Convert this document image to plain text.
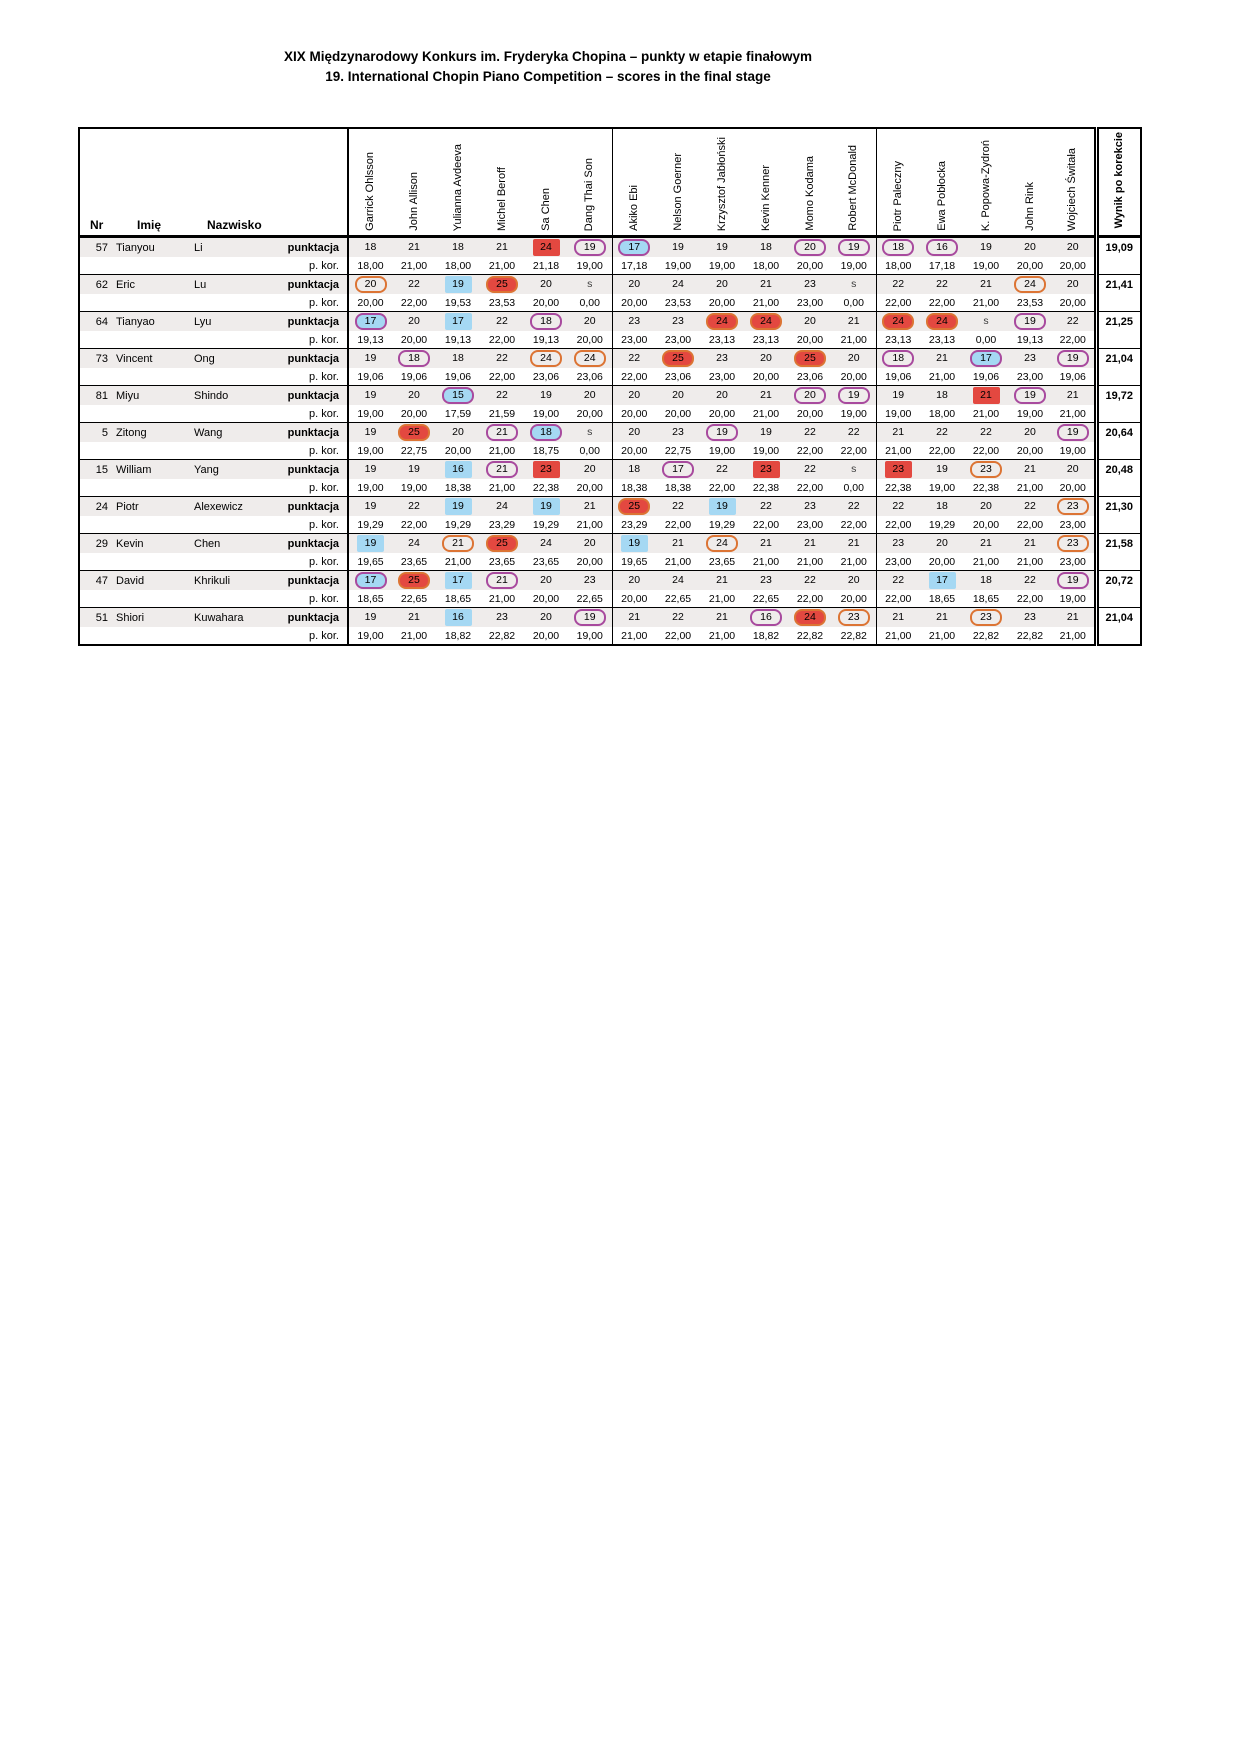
XIX Międzynarodowy Konkurs im. Fryderyka Chopina – punkty w etapie finałowym
19. International Chopin Piano Competition – scores in the final stage
Nr Imię Nazwisko				Garrick Ohlsson	John Allison	Yulianna Avdeeva	Michel Beroff	Sa Chen	Dang Thai Son	Akiko Ebi	Nelson Goerner	Krzysztof Jabłoński	Kevin Kenner	Momo Kodama	Robert McDonald	Piotr Paleczny	Ewa Pobłocka	K. Popowa-Zydroń	John Rink	Wojciech Świtała	Wynik po korekcie

57	Tianyou	Li	punktacja	18	21	18	21	24	19	17	19	19	18	20	19	18	16	19	20	20	19,09
			p. kor.	18,00	21,00	18,00	21,00	21,18	19,00	17,18	19,00	19,00	18,00	20,00	19,00	18,00	17,18	19,00	20,00	20,00	
62	Eric	Lu	punktacja	20	22	19	25	20	s	20	24	20	21	23	s	22	22	21	24	20	21,41
			p. kor.	20,00	22,00	19,53	23,53	20,00	0,00	20,00	23,53	20,00	21,00	23,00	0,00	22,00	22,00	21,00	23,53	20,00	
64	Tianyao	Lyu	punktacja	17	20	17	22	18	20	23	23	24	24	20	21	24	24	s	19	22	21,25
			p. kor.	19,13	20,00	19,13	22,00	19,13	20,00	23,00	23,00	23,13	23,13	20,00	21,00	23,13	23,13	0,00	19,13	22,00	
73	Vincent	Ong	punktacja	19	18	18	22	24	24	22	25	23	20	25	20	18	21	17	23	19	21,04
			p. kor.	19,06	19,06	19,06	22,00	23,06	23,06	22,00	23,06	23,00	20,00	23,06	20,00	19,06	21,00	19,06	23,00	19,06	
81	Miyu	Shindo	punktacja	19	20	15	22	19	20	20	20	20	21	20	19	19	18	21	19	21	19,72
			p. kor.	19,00	20,00	17,59	21,59	19,00	20,00	20,00	20,00	20,00	21,00	20,00	19,00	19,00	18,00	21,00	19,00	21,00	
5	Zitong	Wang	punktacja	19	25	20	21	18	s	20	23	19	19	22	22	21	22	22	20	19	20,64
			p. kor.	19,00	22,75	20,00	21,00	18,75	0,00	20,00	22,75	19,00	19,00	22,00	22,00	21,00	22,00	22,00	20,00	19,00	
15	William	Yang	punktacja	19	19	16	21	23	20	18	17	22	23	22	s	23	19	23	21	20	20,48
			p. kor.	19,00	19,00	18,38	21,00	22,38	20,00	18,38	18,38	22,00	22,38	22,00	0,00	22,38	19,00	22,38	21,00	20,00	
24	Piotr	Alexewicz	punktacja	19	22	19	24	19	21	25	22	19	22	23	22	22	18	20	22	23	21,30
			p. kor.	19,29	22,00	19,29	23,29	19,29	21,00	23,29	22,00	19,29	22,00	23,00	22,00	22,00	19,29	20,00	22,00	23,00	
29	Kevin	Chen	punktacja	19	24	21	25	24	20	19	21	24	21	21	21	23	20	21	21	23	21,58
			p. kor.	19,65	23,65	21,00	23,65	23,65	20,00	19,65	21,00	23,65	21,00	21,00	21,00	23,00	20,00	21,00	21,00	23,00	
47	David	Khrikuli	punktacja	17	25	17	21	20	23	20	24	21	23	22	20	22	17	18	22	19	20,72
			p. kor.	18,65	22,65	18,65	21,00	20,00	22,65	20,00	22,65	21,00	22,65	22,00	20,00	22,00	18,65	18,65	22,00	19,00	
51	Shiori	Kuwahara	punktacja	19	21	16	23	20	19	21	22	21	16	24	23	21	21	23	23	21	21,04
			p. kor.	19,00	21,00	18,82	22,82	20,00	19,00	21,00	22,00	21,00	18,82	22,82	22,82	21,00	21,00	22,82	22,82	21,00	
